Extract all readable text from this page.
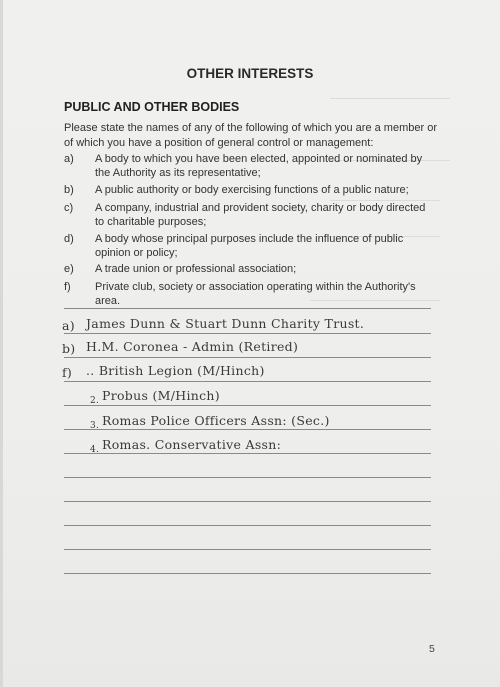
OTHER INTERESTS
PUBLIC AND OTHER BODIES
Please state the names of any of the following of which you are a member or of which you have a position of general control or management:
a) A body to which you have been elected, appointed or nominated by the Authority as its representative;
b) A public authority or body exercising functions of a public nature;
c) A company, industrial and provident society, charity or body directed to charitable purposes;
d) A body whose principal purposes include the influence of public opinion or policy;
e) A trade union or professional association;
f) Private club, society or association operating within the Authority's area.
a) James Dunn & Stuart Dunn Charity Trust.
b) H.M. Coronea - Admin (Retired)
f) .. British Legion (M/Hinch)
2. Probus (M/Hinch)
3. Romas Police Officers Assn: (Sec.)
4. Romas. Conservative Assn:
5
